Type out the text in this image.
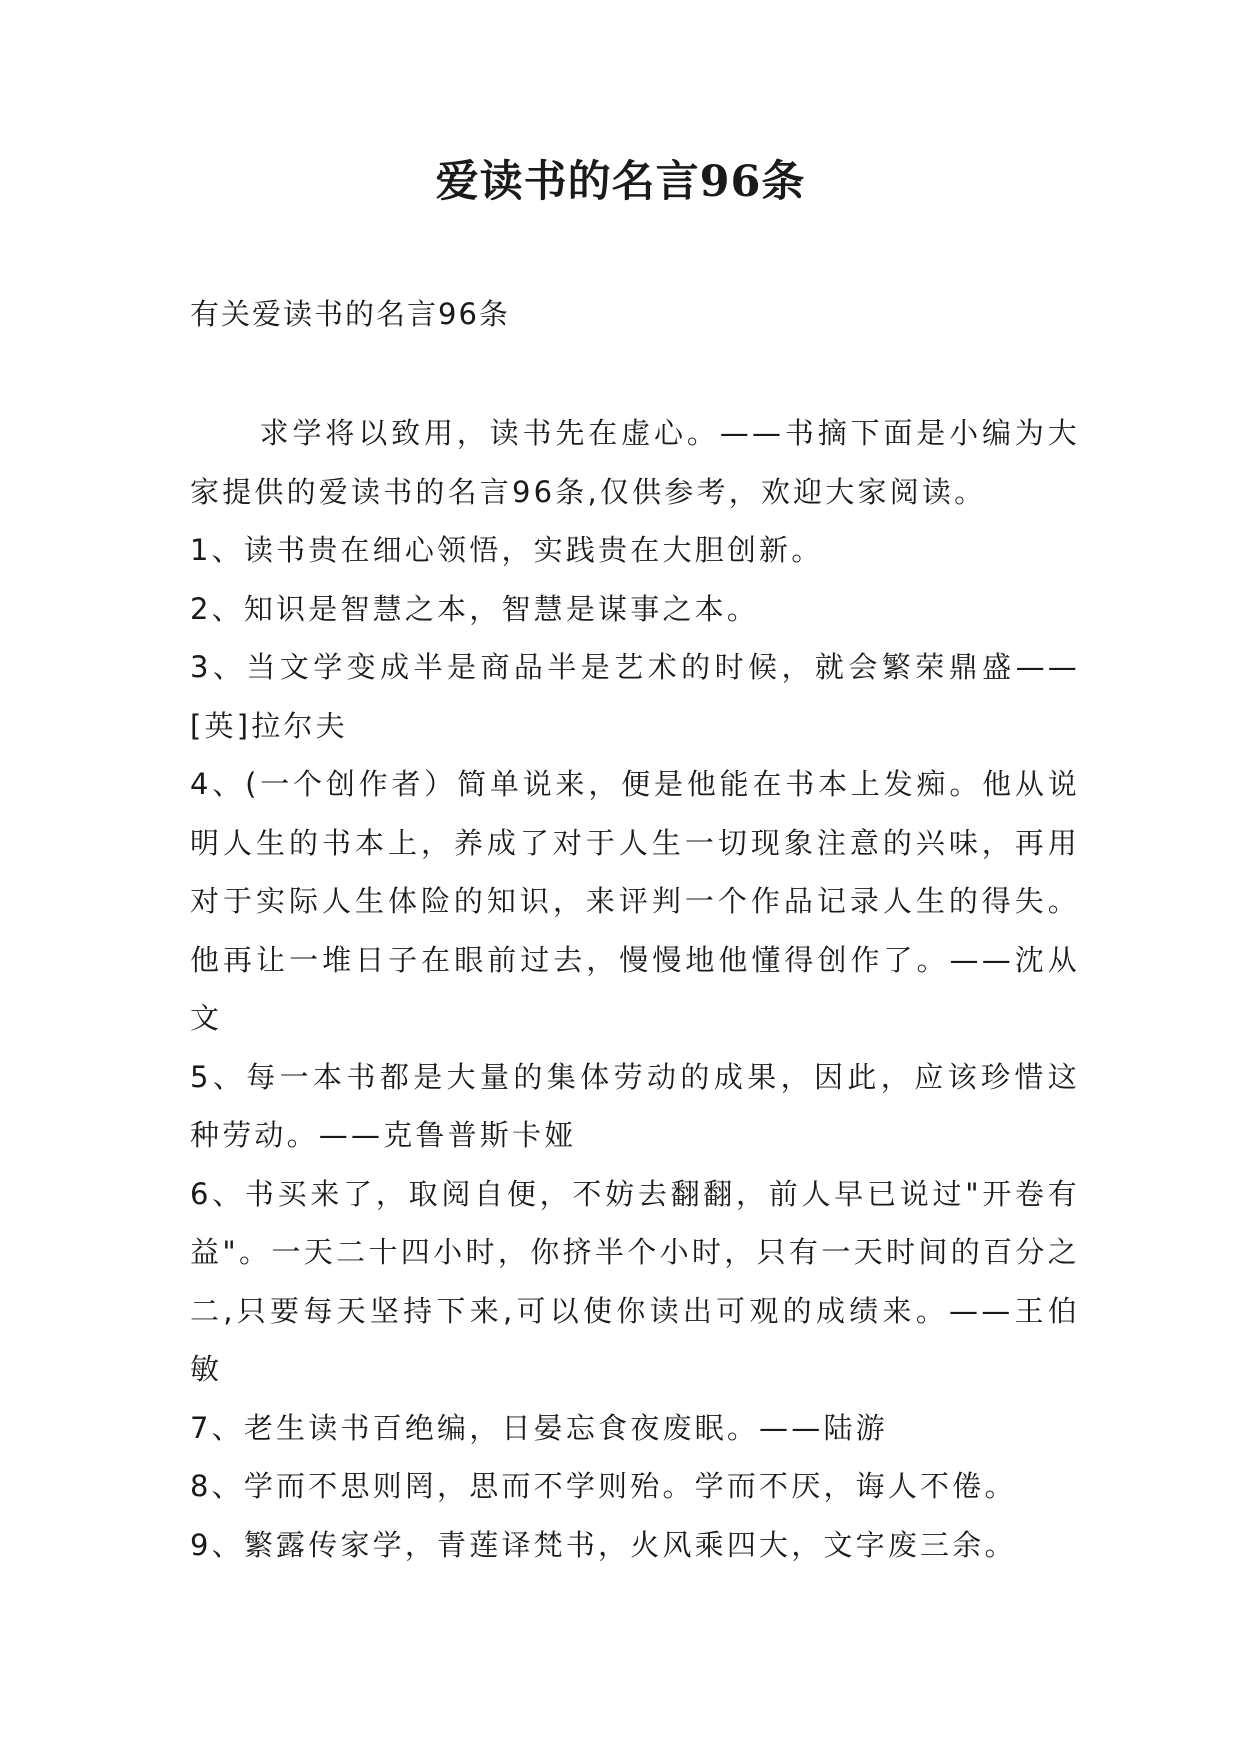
爱读书的名言96条

有关爱读书的名言96条

求学将以致用，读书先在虚心。——书摘下面是小编为大家提供的爱读书的名言96条,仅供参考，欢迎大家阅读。

1、读书贵在细心领悟，实践贵在大胆创新。

2、知识是智慧之本，智慧是谋事之本。

3、当文学变成半是商品半是艺术的时候，就会繁荣鼎盛——[英]拉尔夫

4、(一个创作者）简单说来，便是他能在书本上发痴。他从说明人生的书本上，养成了对于人生一切现象注意的兴味，再用对于实际人生体险的知识，来评判一个作品记录人生的得失。他再让一堆日子在眼前过去，慢慢地他懂得创作了。——沈从文

5、每一本书都是大量的集体劳动的成果，因此，应该珍惜这种劳动。——克鲁普斯卡娅

6、书买来了，取阅自便，不妨去翻翻，前人早已说过"开卷有益"。一天二十四小时，你挤半个小时，只有一天时间的百分之二,只要每天坚持下来,可以使你读出可观的成绩来。——王伯敏

7、老生读书百绝编，日晏忘食夜废眠。——陆游

8、学而不思则罔，思而不学则殆。学而不厌，诲人不倦。

9、繁露传家学，青莲译梵书，火风乘四大，文字废三余。
